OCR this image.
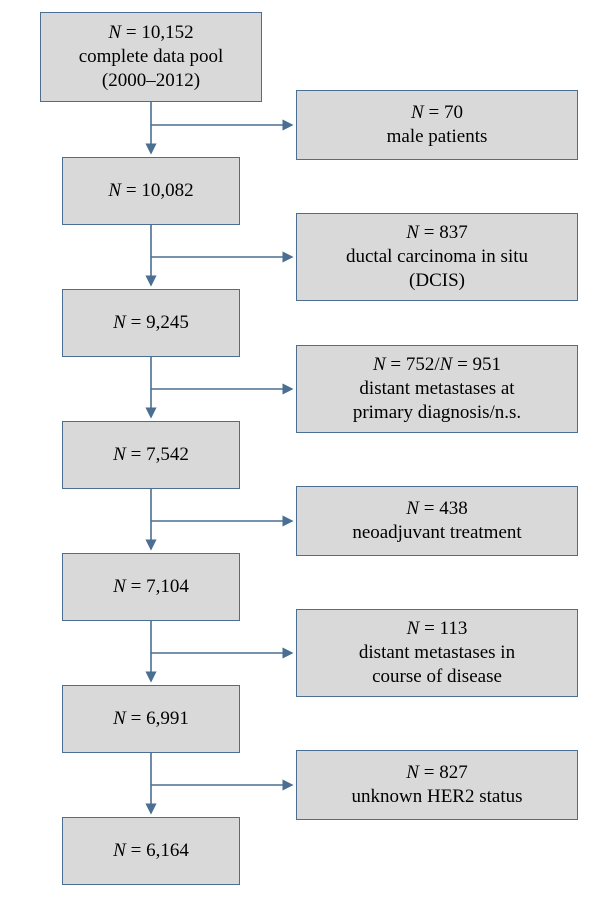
N = 10,152
complete data pool
(2000–2012)
N = 10,082
N = 9,245
N = 7,542
N = 7,104
N = 6,991
N = 6,164
N = 70
male patients
N = 837
ductal carcinoma in situ
(DCIS)
N = 752/N = 951
distant metastases at
primary diagnosis/n.s.
N = 438
neoadjuvant treatment
N = 113
distant metastases in
course of disease
N = 827
unknown HER2 status
